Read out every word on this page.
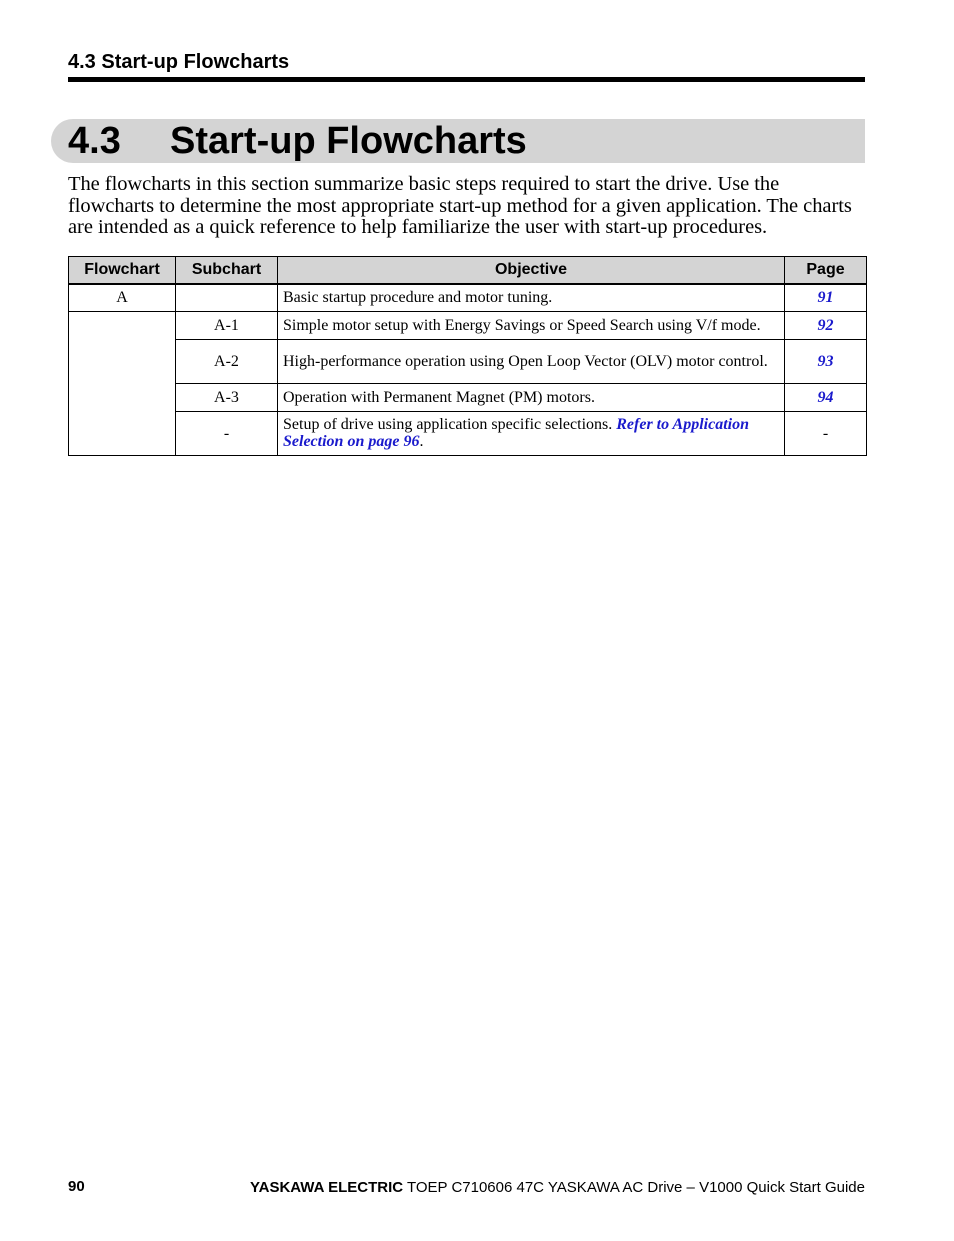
4.3 Start-up Flowcharts
4.3 Start-up Flowcharts

The flowcharts in this section summarize basic steps required to start the drive. Use the flowcharts to determine the most appropriate start-up method for a given application. The charts are intended as a quick reference to help familiarize the user with start-up procedures.

Flowchart	Subchart	Objective	Page
A		Basic startup procedure and motor tuning.	91
	A-1	Simple motor setup with Energy Savings or Speed Search using V/f mode.	92
	A-2	High-performance operation using Open Loop Vector (OLV) motor control.	93
	A-3	Operation with Permanent Magnet (PM) motors.	94
	-	Setup of drive using application specific selections. Refer to Application Selection on page 96.	-
90	YASKAWA ELECTRIC TOEP C710606 47C YASKAWA AC Drive – V1000 Quick Start Guide
